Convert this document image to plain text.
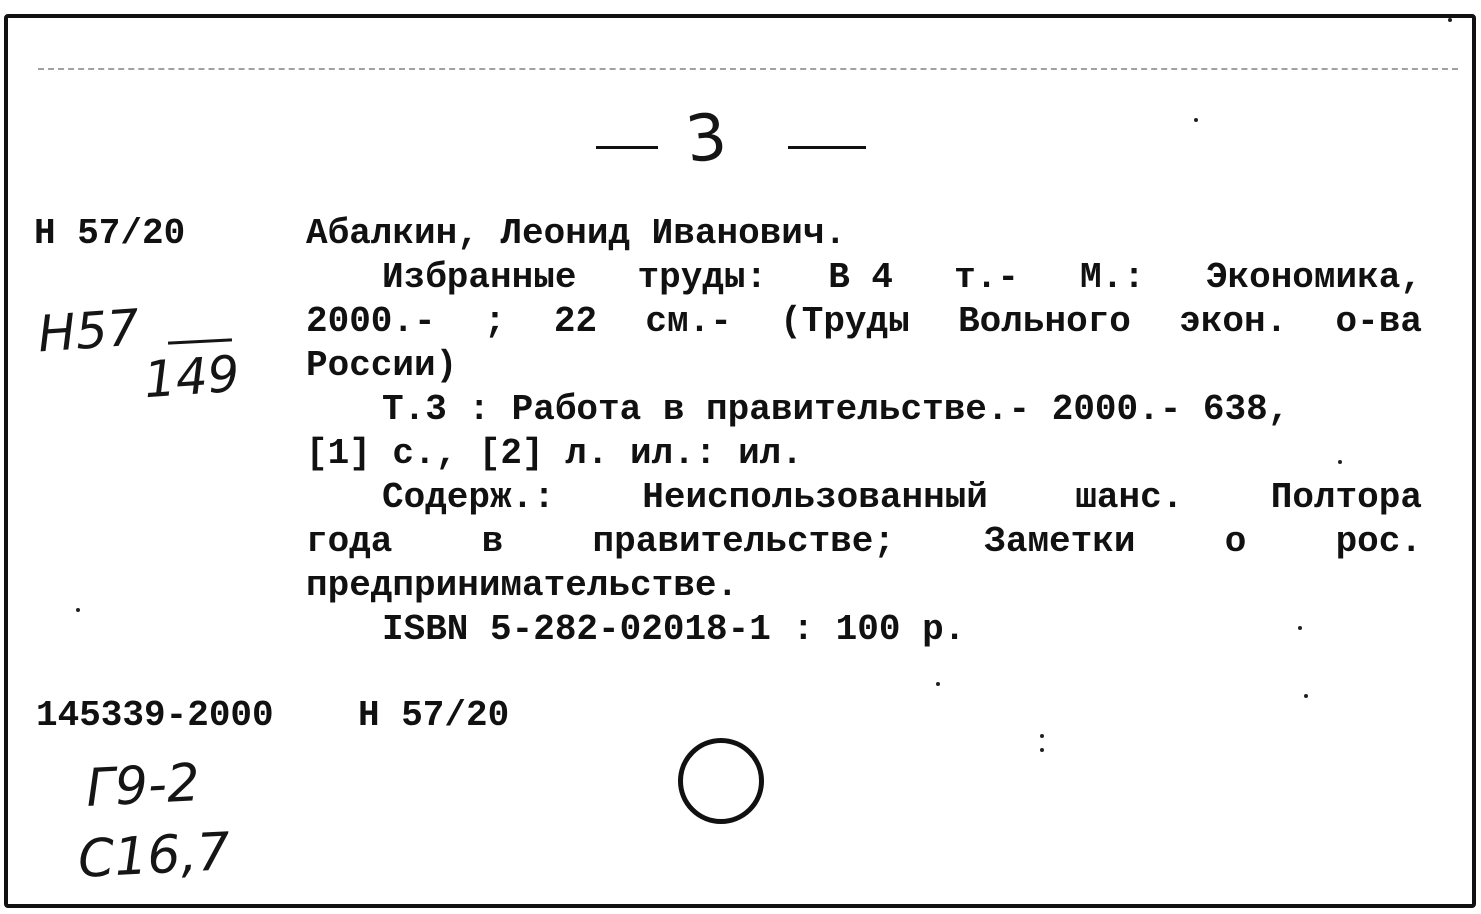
3
Н 57/20
Н57
149
Абалкин, Леонид Иванович.
Избранные труды: В 4 т.- М.: Экономика,
2000.- ; 22 см.- (Труды Вольного экон. о-ва
России)
Т.3 : Работа в правительстве.- 2000.- 638,
[1] с., [2] л. ил.: ил.
Содерж.: Неиспользованный шанс. Полтора
года в правительстве; Заметки о рос.
предпринимательстве.
ISBN 5-282-02018-1 : 100 р.
145339-2000 Н 57/20
Г9-2
С16,7
